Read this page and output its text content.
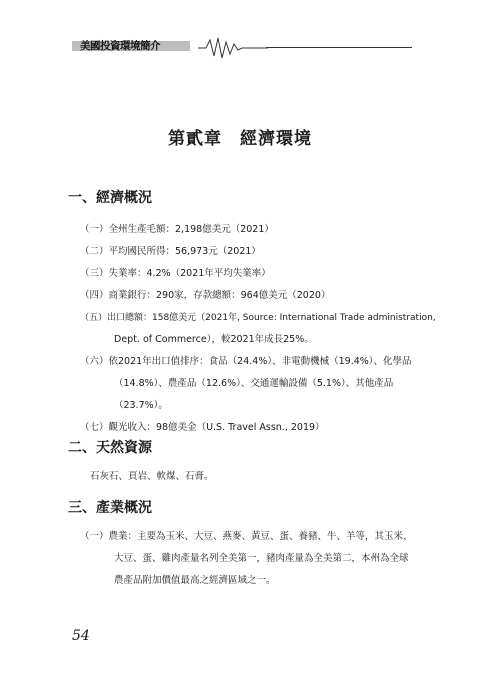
美國投資環境簡介
第貳章　經濟環境
一、經濟概況
（一）全州生產毛額：2,198億美元（2021）
（二）平均國民所得：56,973元（2021）
（三）失業率：4.2%（2021年平均失業率）
（四）商業銀行：290家，存款總額：964億美元（2020）
（五）出口總額：158億美元（2021年, Source: International Trade administration,
Dept. of Commerce），較2021年成長25%。
（六）依2021年出口值排序：食品（24.4%）、非電動機械（19.4%）、化學品
（14.8%）、農產品（12.6%）、交通運輸設備（5.1%）、其他產品
（23.7%）。
（七）觀光收入：98億美金（U.S. Travel Assn., 2019）
二、天然資源
石灰石、頁岩、軟煤、石膏。
三、產業概況
（一）農業：主要為玉米、大豆、燕麥、黃豆、蛋、養豬、牛、羊等，其玉米、
大豆、蛋、雞肉產量名列全美第一，豬肉產量為全美第二，本州為全球
農產品附加價值最高之經濟區域之一。
54
